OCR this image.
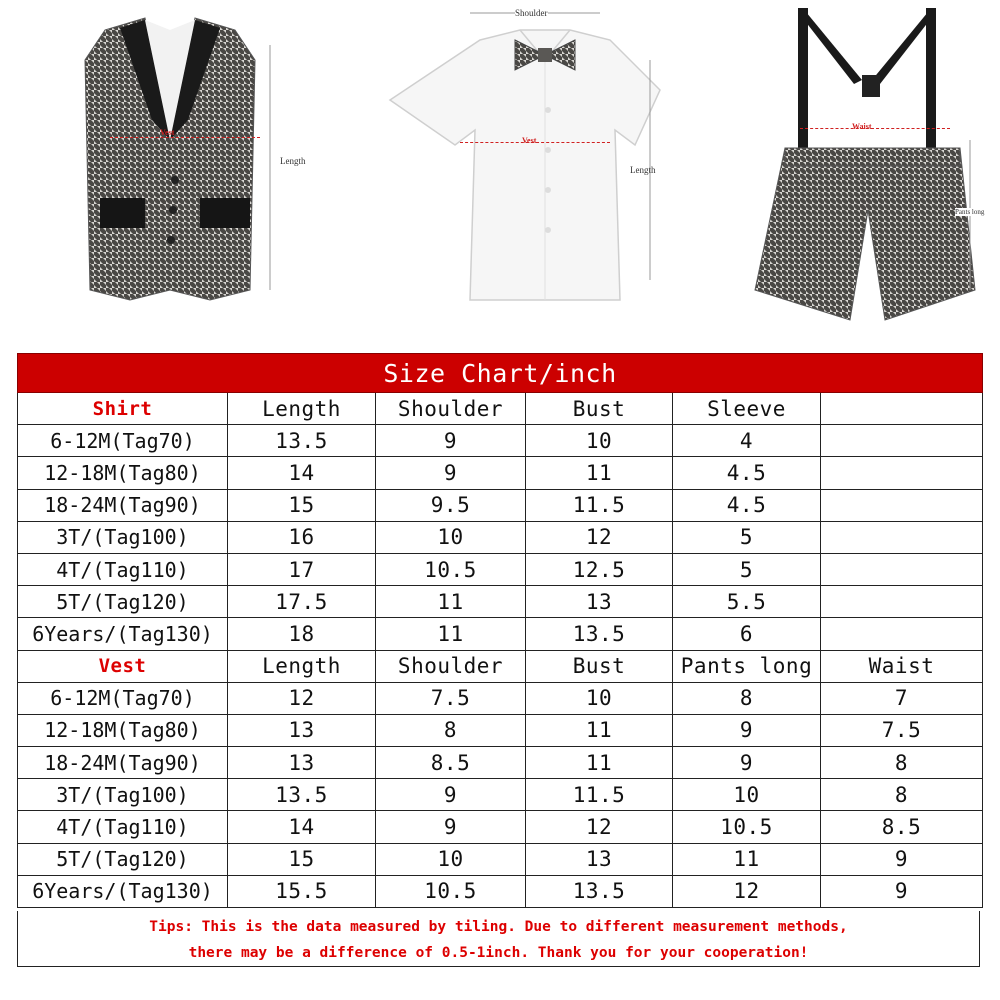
Length
Vest
Shoulder
Length
Vest
Pants long
Waist
Size Chart/inch					
Shirt	Length	Shoulder	Bust	Sleeve	
6-12M(Tag70)	13.5	9	10	4	
12-18M(Tag80)	14	9	11	4.5	
18-24M(Tag90)	15	9.5	11.5	4.5	
3T/(Tag100)	16	10	12	5	
4T/(Tag110)	17	10.5	12.5	5	
5T/(Tag120)	17.5	11	13	5.5	
6Years/(Tag130)	18	11	13.5	6	
Vest	Length	Shoulder	Bust	Pants long	Waist
6-12M(Tag70)	12	7.5	10	8	7
12-18M(Tag80)	13	8	11	9	7.5
18-24M(Tag90)	13	8.5	11	9	8
3T/(Tag100)	13.5	9	11.5	10	8
4T/(Tag110)	14	9	12	10.5	8.5
5T/(Tag120)	15	10	13	11	9
6Years/(Tag130)	15.5	10.5	13.5	12	9
Tips: This is the data measured by tiling. Due to different measurement methods,
there may be a difference of 0.5-1inch. Thank you for your cooperation!
